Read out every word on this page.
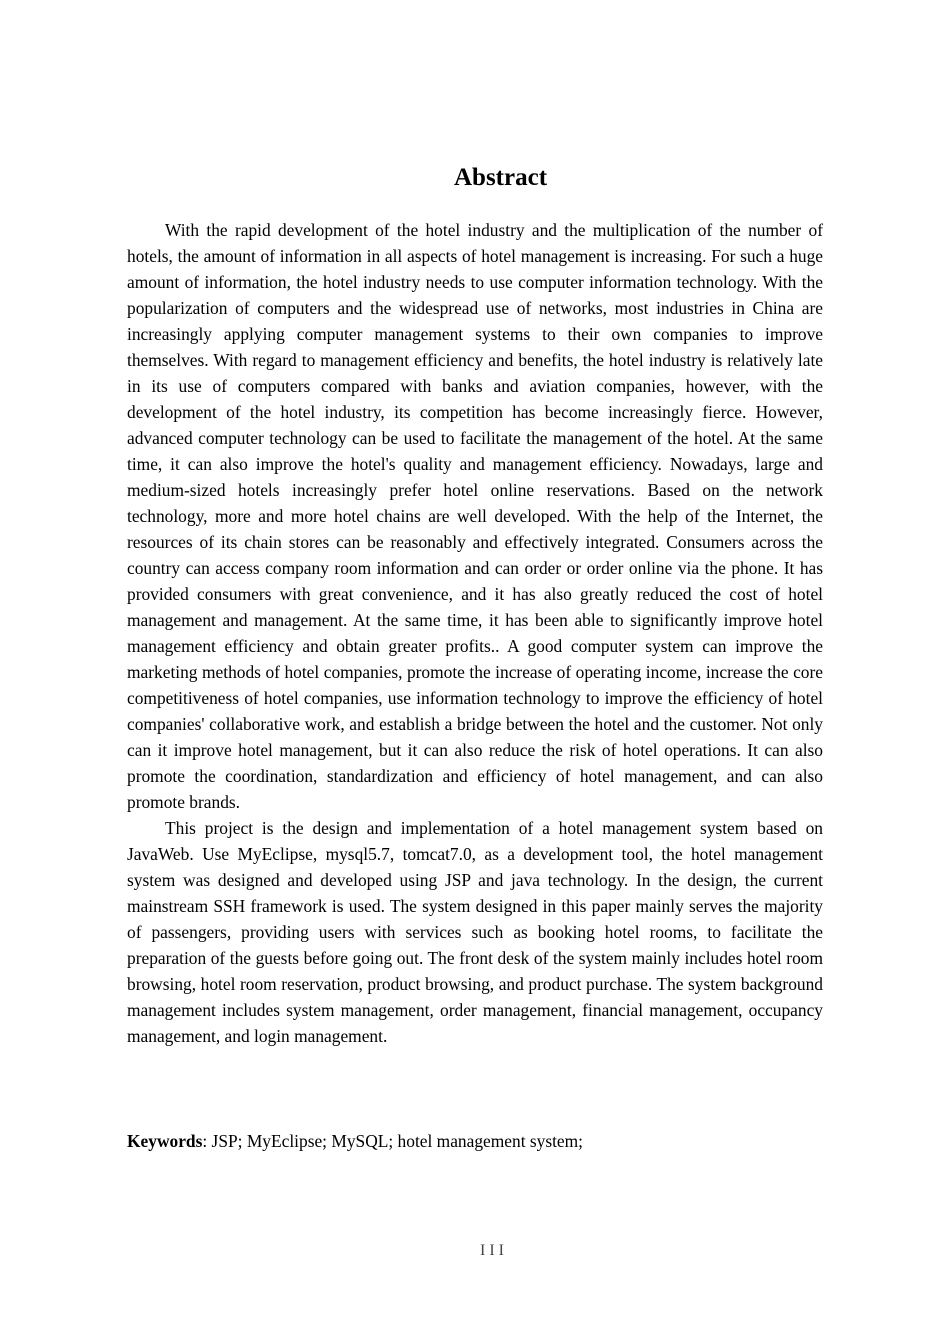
Abstract

With the rapid development of the hotel industry and the multiplication of the number of hotels, the amount of information in all aspects of hotel management is increasing. For such a huge amount of information, the hotel industry needs to use computer information technology. With the popularization of computers and the widespread use of networks, most industries in China are increasingly applying computer management systems to their own companies to improve themselves. With regard to management efficiency and benefits, the hotel industry is relatively late in its use of computers compared with banks and aviation companies, however, with the development of the hotel industry, its competition has become increasingly fierce. However, advanced computer technology can be used to facilitate the management of the hotel. At the same time, it can also improve the hotel's quality and management efficiency. Nowadays, large and medium-sized hotels increasingly prefer hotel online reservations. Based on the network technology, more and more hotel chains are well developed. With the help of the Internet, the resources of its chain stores can be reasonably and effectively integrated. Consumers across the country can access company room information and can order or order online via the phone. It has provided consumers with great convenience, and it has also greatly reduced the cost of hotel management and management. At the same time, it has been able to significantly improve hotel management efficiency and obtain greater profits.. A good computer system can improve the marketing methods of hotel companies, promote the increase of operating income, increase the core competitiveness of hotel companies, use information technology to improve the efficiency of hotel companies' collaborative work, and establish a bridge between the hotel and the customer. Not only can it improve hotel management, but it can also reduce the risk of hotel operations. It can also promote the coordination, standardization and efficiency of hotel management, and can also promote brands.

This project is the design and implementation of a hotel management system based on JavaWeb. Use MyEclipse, mysql5.7, tomcat7.0, as a development tool, the hotel management system was designed and developed using JSP and java technology. In the design, the current mainstream SSH framework is used. The system designed in this paper mainly serves the majority of passengers, providing users with services such as booking hotel rooms, to facilitate the preparation of the guests before going out. The front desk of the system mainly includes hotel room browsing, hotel room reservation, product browsing, and product purchase. The system background management includes system management, order management, financial management, occupancy management, and login management.

Keywords: JSP; MyEclipse; MySQL; hotel management system;
III
